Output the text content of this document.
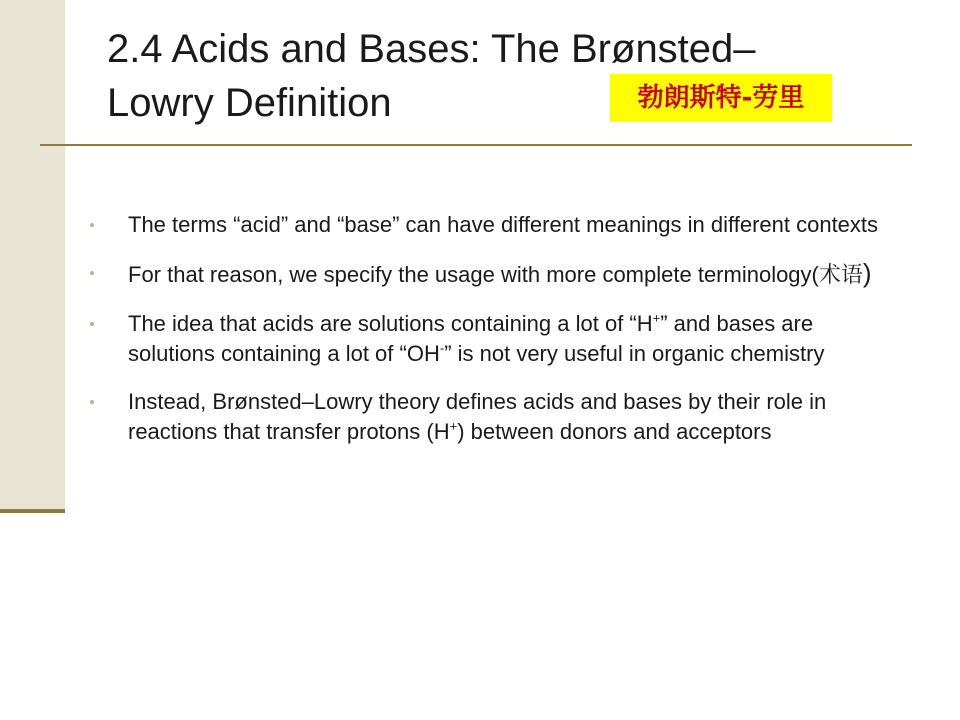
2.4 Acids and Bases: The Brønsted–
Lowry Definition	勃朗斯特-劳里
The terms “acid” and “base” can have different meanings in different contexts
For that reason, we specify the usage with more complete terminology(术语)
The idea that acids are solutions containing a lot of “H+” and bases are solutions containing a lot of “OH-” is not very useful in organic chemistry
Instead, Brønsted–Lowry theory defines acids and bases by their role in reactions that transfer protons (H+) between donors and acceptors
